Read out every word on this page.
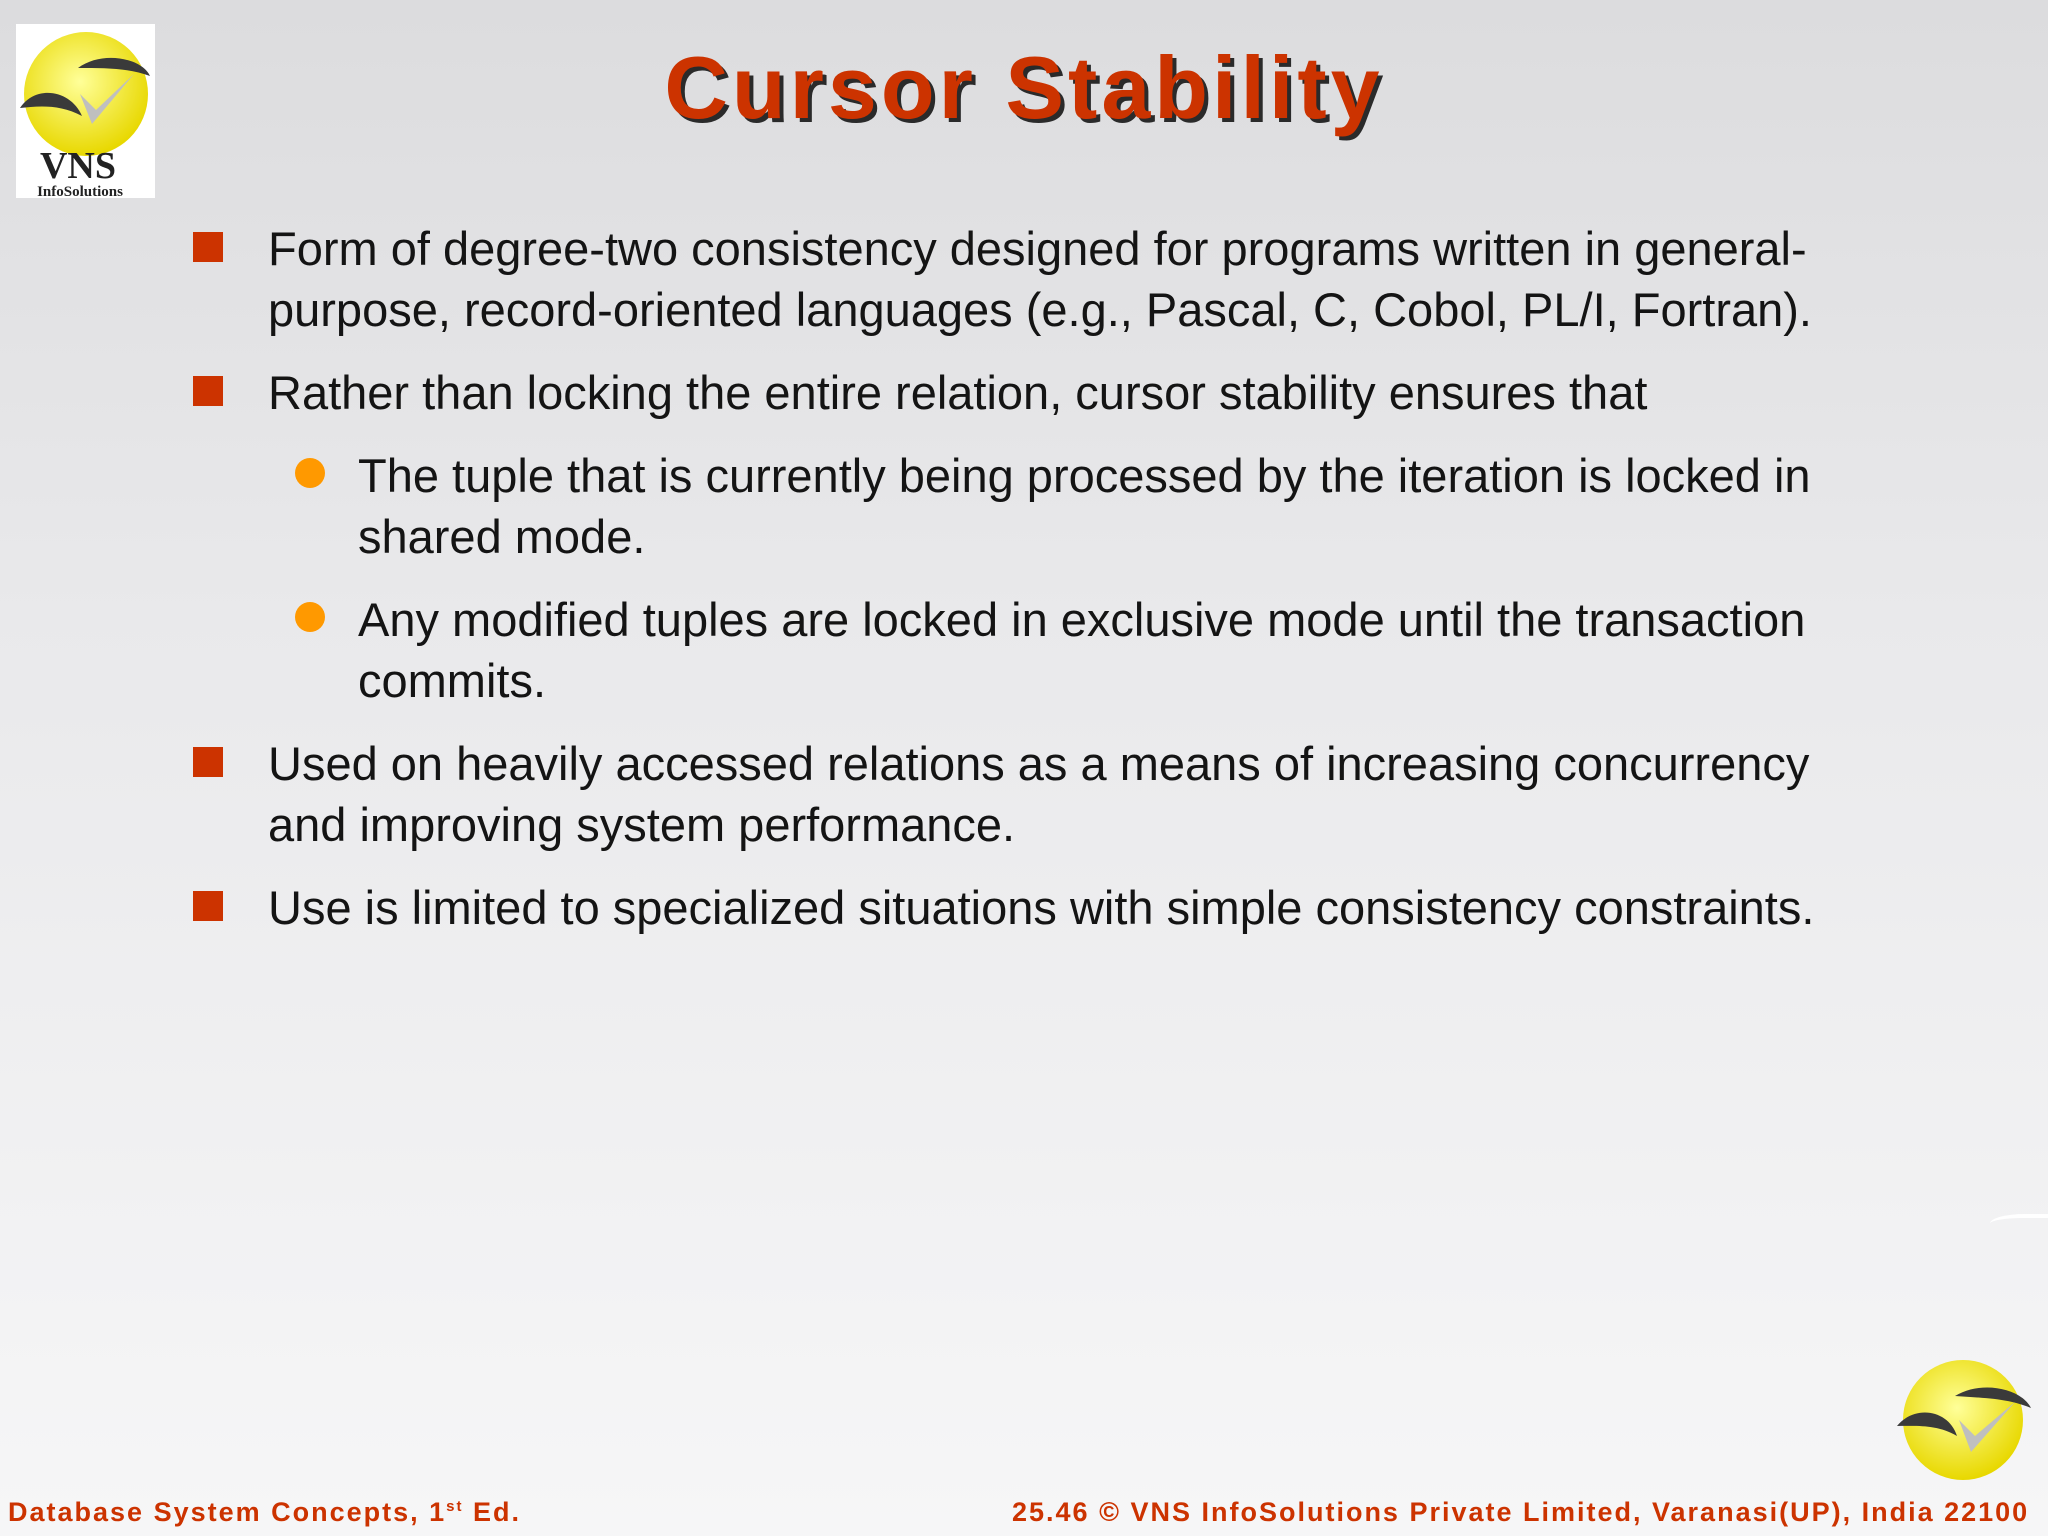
VNS
InfoSolutions
Cursor Stability
Form of degree-two consistency designed for programs written in general-purpose, record-oriented languages (e.g., Pascal, C, Cobol, PL/I, Fortran).
Rather than locking the entire relation, cursor stability ensures that
The tuple that is currently being processed by the iteration is locked in shared mode.
Any modified tuples are locked in exclusive mode until the transaction commits.
Used on heavily accessed relations as a means of increasing concurrency and improving system performance.
Use is limited to specialized situations with simple consistency constraints.
Database System Concepts, 1st Ed.	25.46 © VNS InfoSolutions Private Limited, Varanasi(UP), India 22100
